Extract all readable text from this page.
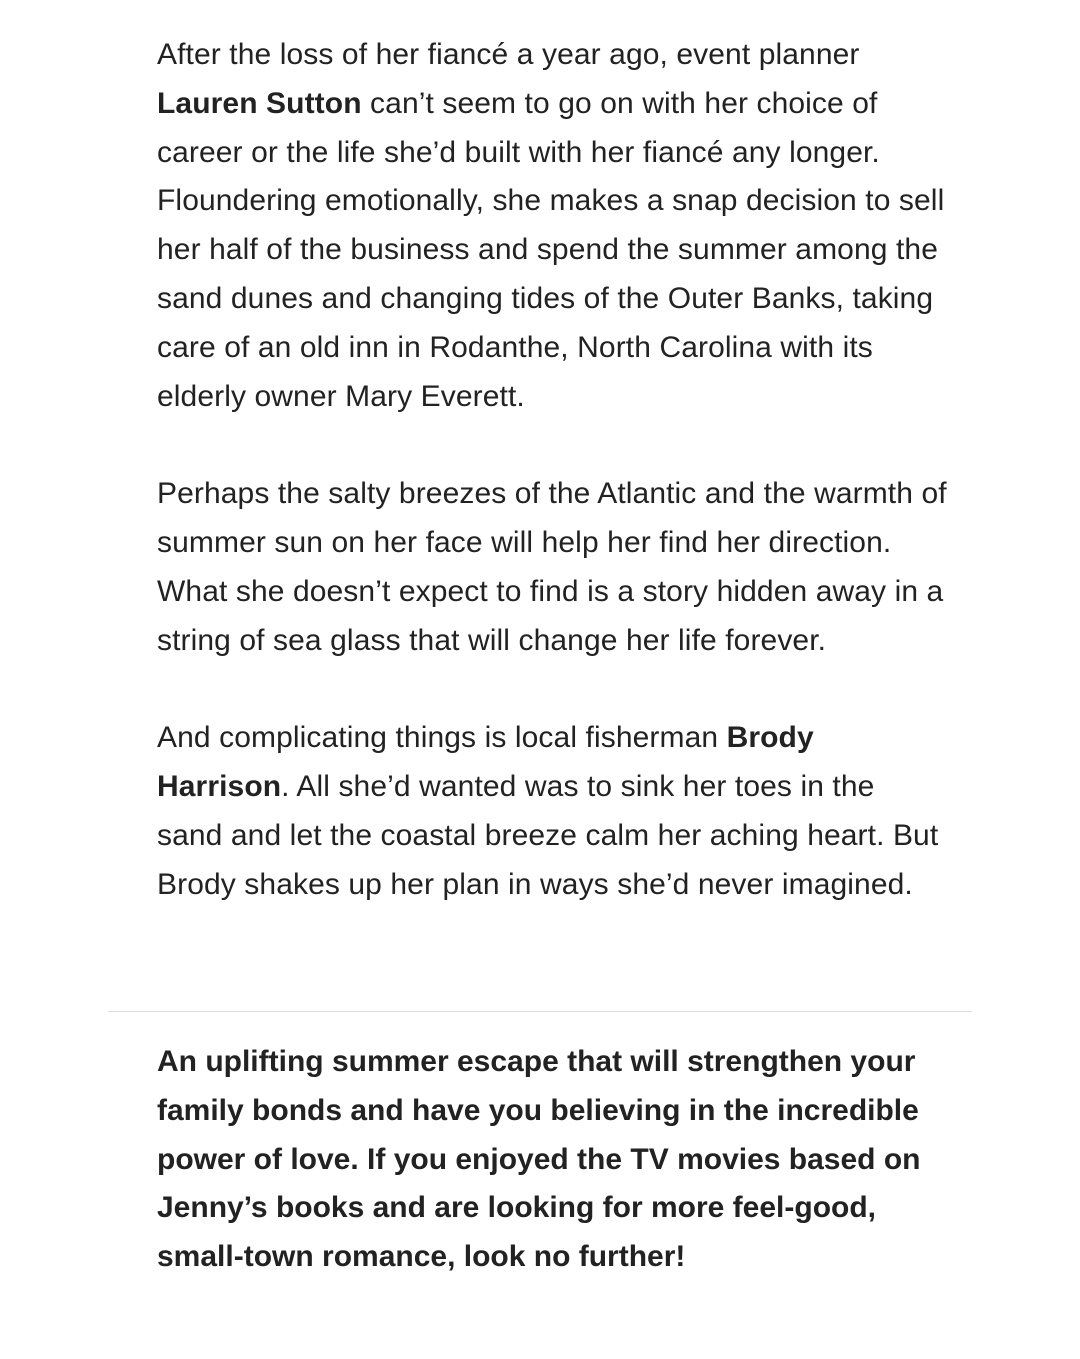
After the loss of her fiancé a year ago, event planner Lauren Sutton can’t seem to go on with her choice of career or the life she’d built with her fiancé any longer. Floundering emotionally, she makes a snap decision to sell her half of the business and spend the summer among the sand dunes and changing tides of the Outer Banks, taking care of an old inn in Rodanthe, North Carolina with its elderly owner Mary Everett.

Perhaps the salty breezes of the Atlantic and the warmth of summer sun on her face will help her find her direction. What she doesn’t expect to find is a story hidden away in a string of sea glass that will change her life forever.

And complicating things is local fisherman Brody Harrison. All she’d wanted was to sink her toes in the sand and let the coastal breeze calm her aching heart. But Brody shakes up her plan in ways she’d never imagined.

An uplifting summer escape that will strengthen your family bonds and have you believing in the incredible power of love. If you enjoyed the TV movies based on Jenny’s books and are looking for more feel-good, small-town romance, look no further!
